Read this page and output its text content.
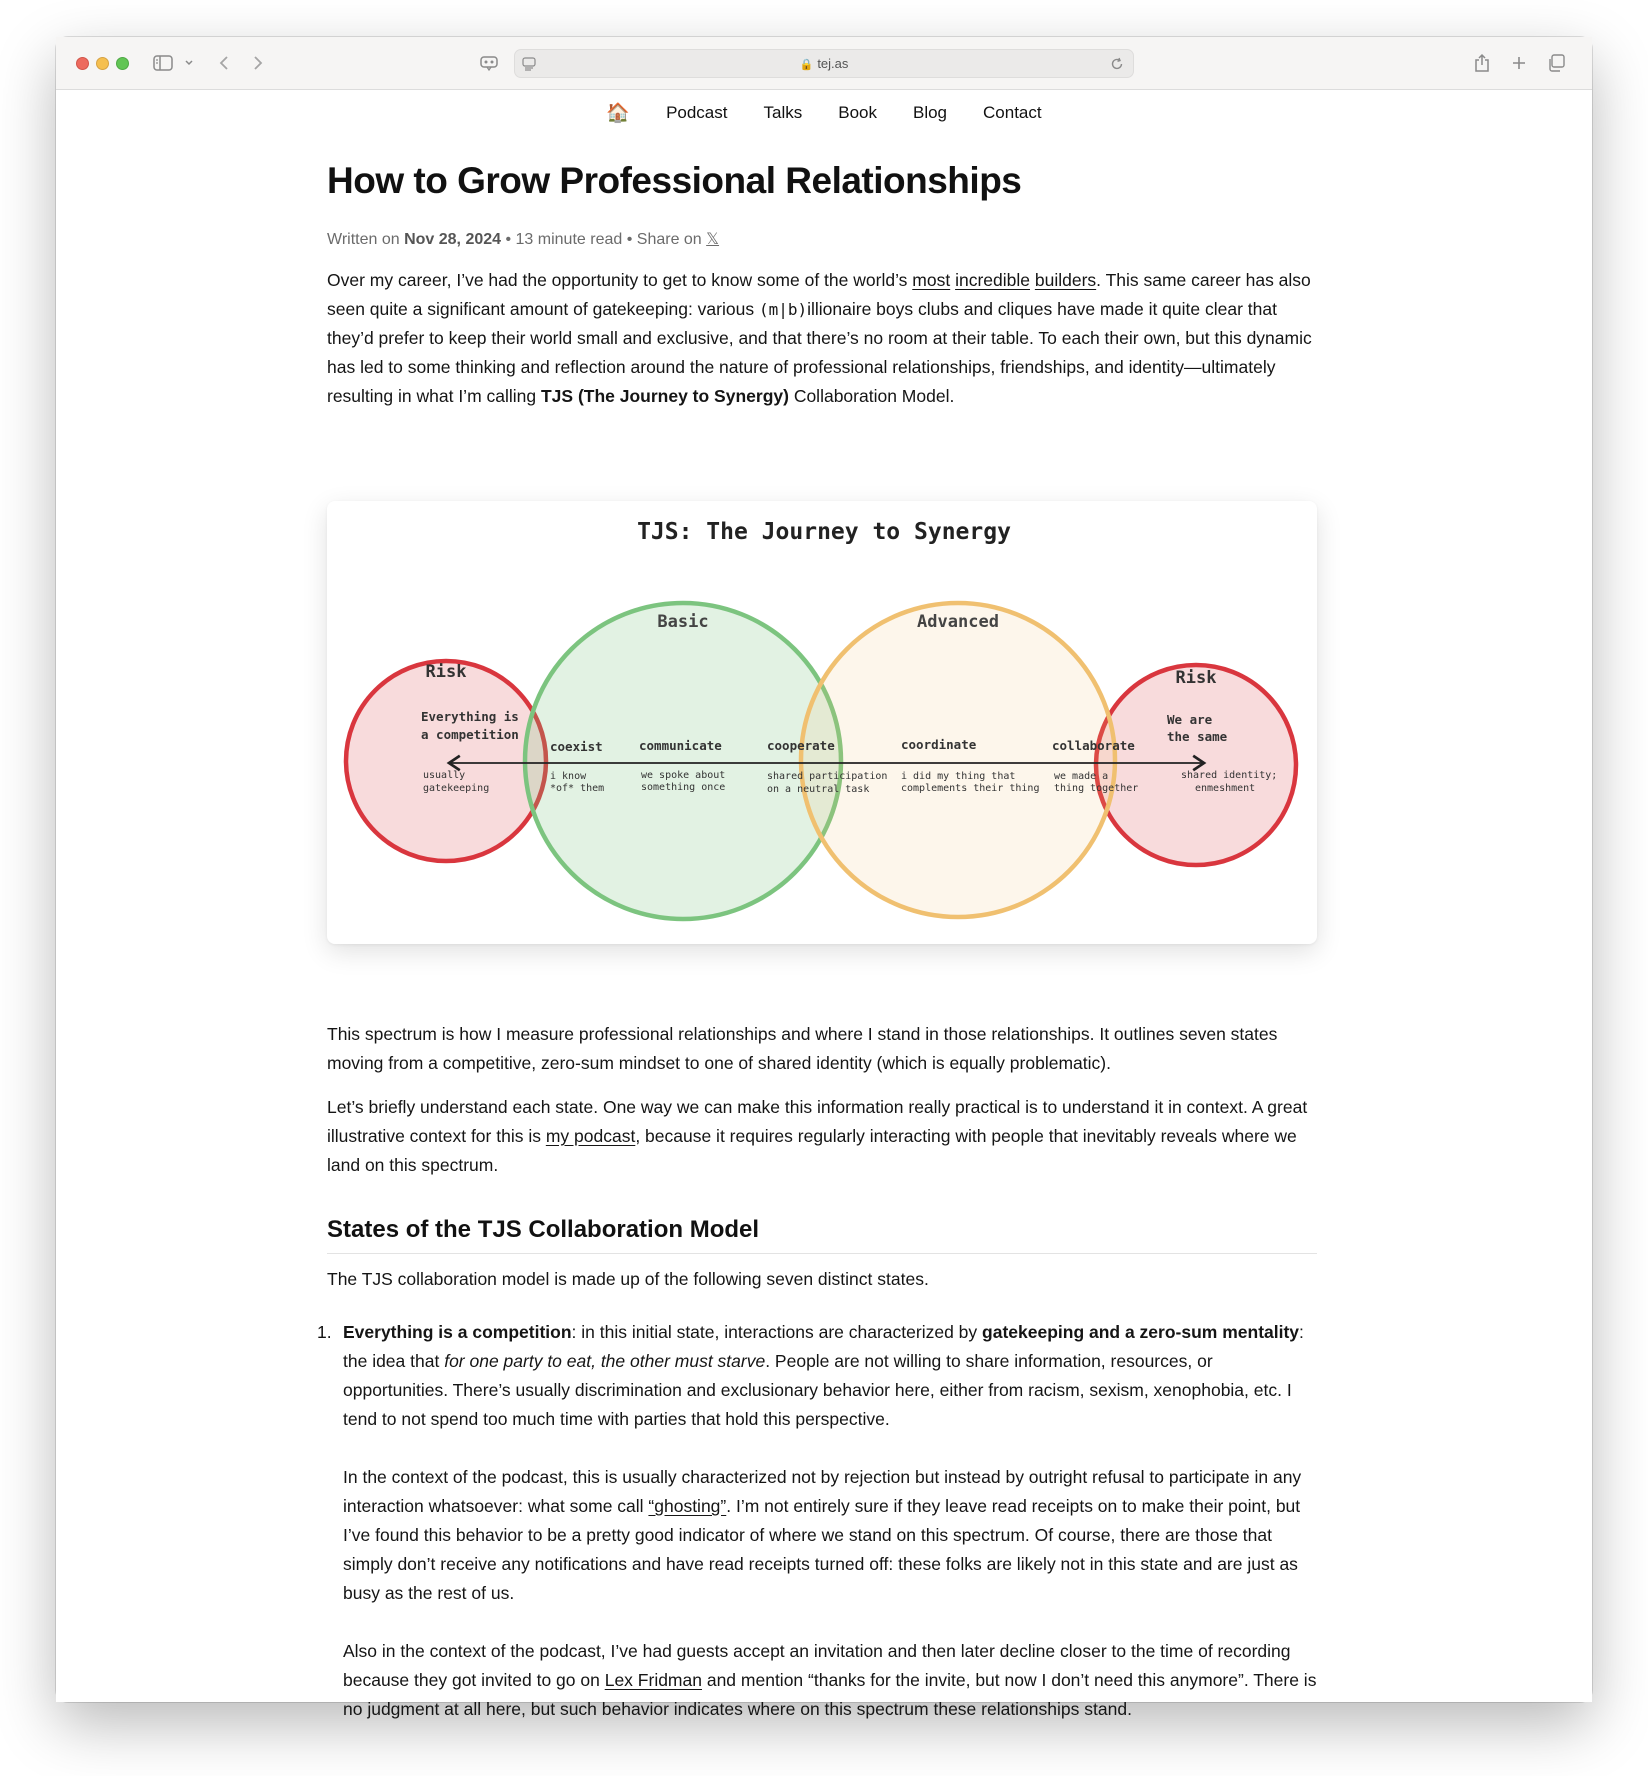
🔒 tej.as
🏠 Podcast Talks Book Blog Contact
How to Grow Professional Relationships
Written on Nov 28, 2024 • 13 minute read • Share on 𝕏

Over my career, I’ve had the opportunity to get to know some of the world’s most incredible builders. This same career has also seen quite a significant amount of gatekeeping: various (m|b)illionaire boys clubs and cliques have made it quite clear that they’d prefer to keep their world small and exclusive, and that there’s no room at their table. To each their own, but this dynamic has led to some thinking and reflection around the nature of professional relationships, friendships, and identity—ultimately resulting in what I’m calling TJS (The Journey to Synergy) Collaboration Model.

This spectrum is how I measure professional relationships and where I stand in those relationships. It outlines seven states moving from a competitive, zero-sum mindset to one of shared identity (which is equally problematic).

Let’s briefly understand each state. One way we can make this information really practical is to understand it in context. A great illustrative context for this is my podcast, because it requires regularly interacting with people that inevitably reveals where we land on this spectrum.

States of the TJS Collaboration Model

The TJS collaboration model is made up of the following seven distinct states.

1. Everything is a competition: in this initial state, interactions are characterized by gatekeeping and a zero-sum mentality: the idea that for one party to eat, the other must starve. People are not willing to share information, resources, or opportunities. There’s usually discrimination and exclusionary behavior here, either from racism, sexism, xenophobia, etc. I tend to not spend too much time with parties that hold this perspective.

In the context of the podcast, this is usually characterized not by rejection but instead by outright refusal to participate in any interaction whatsoever: what some call “ghosting”. I’m not entirely sure if they leave read receipts on to make their point, but I’ve found this behavior to be a pretty good indicator of where we stand on this spectrum. Of course, there are those that simply don’t receive any notifications and have read receipts turned off: these folks are likely not in this state and are just as busy as the rest of us.

Also in the context of the podcast, I’ve had guests accept an invitation and then later decline closer to the time of recording because they got invited to go on Lex Fridman and mention “thanks for the invite, but now I don’t need this anymore”. There is no judgment at all here, but such behavior indicates where on this spectrum these relationships stand.

TJS: The Journey to Synergy
Risk
Basic	Advanced
Risk
Everything is
a competition
usually
gatekeeping
We are
the same
shared identity;
enmeshment
coexist	communicate	cooperate	coordinate	collaborate
i know
*of* them
we spoke about
something once
shared participation
on a neutral task
i did my thing that
complements their thing
we made a
thing together
